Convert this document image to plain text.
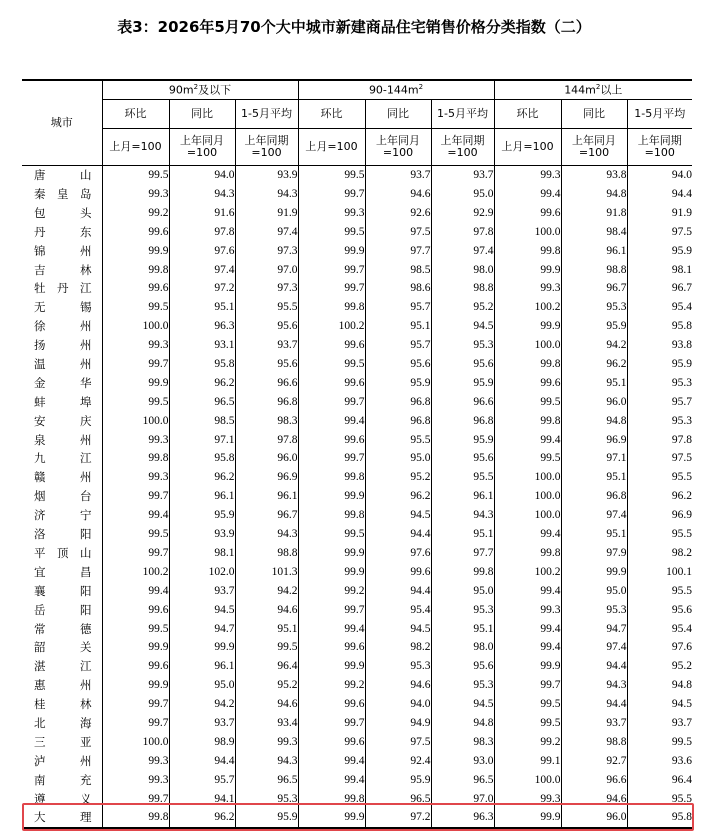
表3：2026年5月70个大中城市新建商品住宅销售价格分类指数（二）
城市	$90m^2$及以下			$90-144m^2$			$144m^2$以上		
	环比	同比	1-5月平均	环比	同比	1-5月平均	环比	同比	1-5月平均
	上月=100	上年同月=100	上年同期=100	上月=100	上年同月=100	上年同期=100	上月=100	上年同月=100	上年同期=100
唐山	99.5	94.0	93.9	99.5	93.7	93.7	99.3	93.8	94.0
秦皇岛	99.3	94.3	94.3	99.7	94.6	95.0	99.4	94.8	94.4
包头	99.2	91.6	91.9	99.3	92.6	92.9	99.6	91.8	91.9
丹东	99.6	97.8	97.4	99.5	97.5	97.8	100.0	98.4	97.5
锦州	99.9	97.6	97.3	99.9	97.7	97.4	99.8	96.1	95.9
吉林	99.8	97.4	97.0	99.7	98.5	98.0	99.9	98.8	98.1
牡丹江	99.6	97.2	97.3	99.7	98.6	98.8	99.3	96.7	96.7
无锡	99.5	95.1	95.5	99.8	95.7	95.2	100.2	95.3	95.4
徐州	100.0	96.3	95.6	100.2	95.1	94.5	99.9	95.9	95.8
扬州	99.3	93.1	93.7	99.6	95.7	95.3	100.0	94.2	93.8
温州	99.7	95.8	95.6	99.5	95.6	95.6	99.8	96.2	95.9
金华	99.9	96.2	96.6	99.6	95.9	95.9	99.6	95.1	95.3
蚌埠	99.5	96.5	96.8	99.7	96.8	96.6	99.5	96.0	95.7
安庆	100.0	98.5	98.3	99.4	96.8	96.8	99.8	94.8	95.3
泉州	99.3	97.1	97.8	99.6	95.5	95.9	99.4	96.9	97.8
九江	99.8	95.8	96.0	99.7	95.0	95.6	99.5	97.1	97.5
赣州	99.3	96.2	96.9	99.8	95.2	95.5	100.0	95.1	95.5
烟台	99.7	96.1	96.1	99.9	96.2	96.1	100.0	96.8	96.2
济宁	99.4	95.9	96.7	99.8	94.5	94.3	100.0	97.4	96.9
洛阳	99.5	93.9	94.3	99.5	94.4	95.1	99.4	95.1	95.5
平顶山	99.7	98.1	98.8	99.9	97.6	97.7	99.8	97.9	98.2
宜昌	100.2	102.0	101.3	99.9	99.6	99.8	100.2	99.9	100.1
襄阳	99.4	93.7	94.2	99.2	94.4	95.0	99.4	95.0	95.5
岳阳	99.6	94.5	94.6	99.7	95.4	95.3	99.3	95.3	95.6
常德	99.5	94.7	95.1	99.4	94.5	95.1	99.4	94.7	95.4
韶关	99.9	99.9	99.5	99.6	98.2	98.0	99.4	97.4	97.6
湛江	99.6	96.1	96.4	99.9	95.3	95.6	99.9	94.4	95.2
惠州	99.9	95.0	95.2	99.2	94.6	95.3	99.7	94.3	94.8
桂林	99.7	94.2	94.6	99.6	94.0	94.5	99.5	94.4	94.5
北海	99.7	93.7	93.4	99.7	94.9	94.8	99.5	93.7	93.7
三亚	100.0	98.9	99.3	99.6	97.5	98.3	99.2	98.8	99.5
泸州	99.3	94.4	94.3	99.4	92.4	93.0	99.1	92.7	93.6
南充	99.3	95.7	96.5	99.4	95.9	96.5	100.0	96.6	96.4
遵义	99.7	94.1	95.3	99.8	96.5	97.0	99.3	94.6	95.5
大理	99.8	96.2	95.9	99.9	97.2	96.3	99.9	96.0	95.8
